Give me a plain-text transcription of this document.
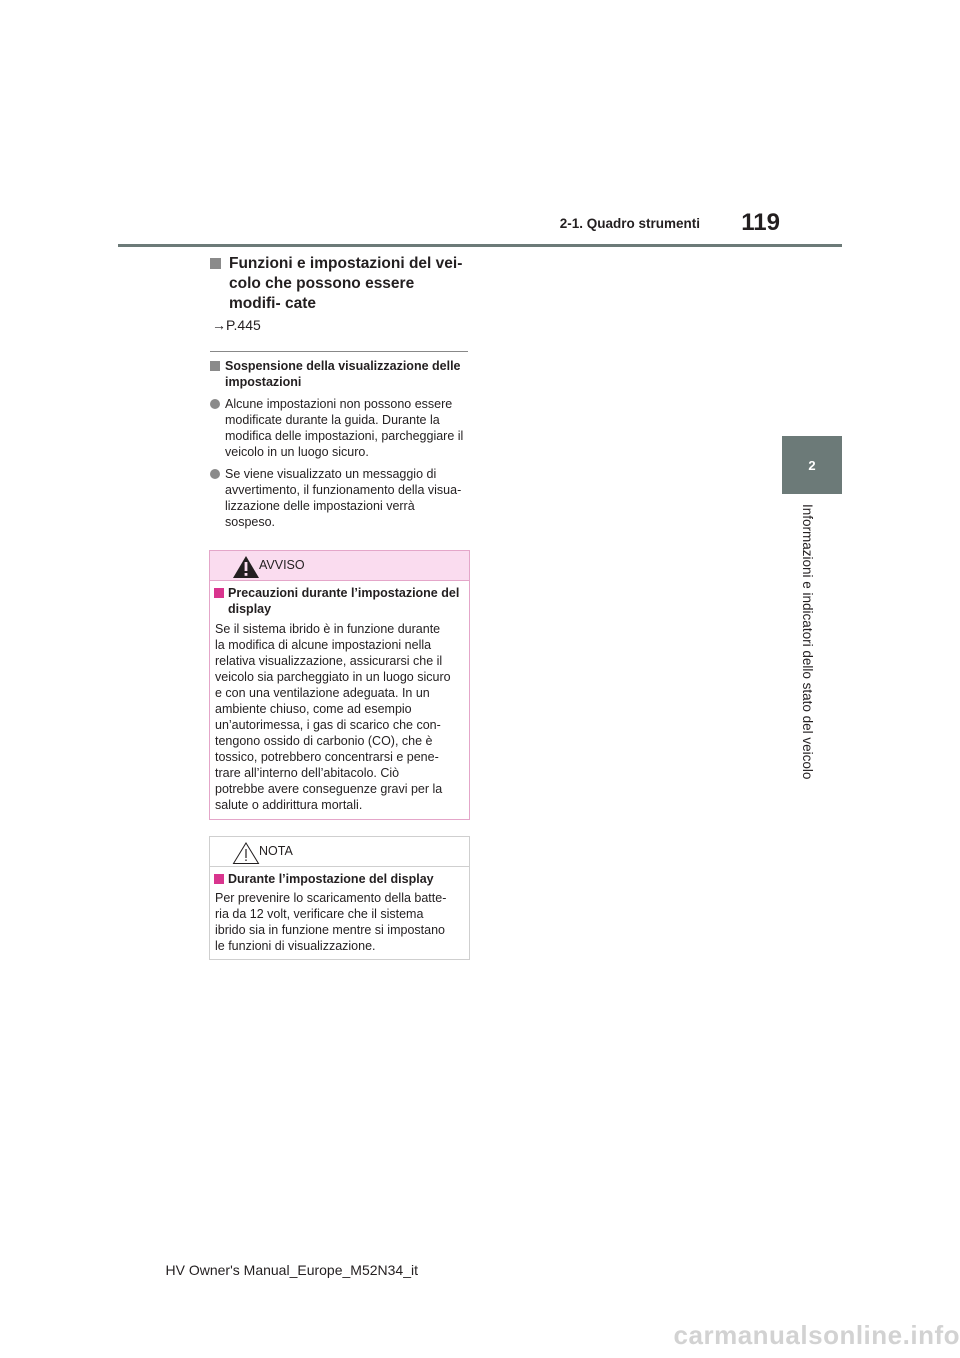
2-1. Quadro strumenti	119
2
Informazioni e indicatori dello stato del veicolo
Funzioni e impostazioni del vei- colo che possono essere modifi- cate
→P.445
Sospensione della visualizzazione delle impostazioni
Alcune impostazioni non possono essere
modificate durante la guida. Durante la
modifica delle impostazioni, parcheggiare il
veicolo in un luogo sicuro.
Se viene visualizzato un messaggio di
avvertimento, il funzionamento della visua-
lizzazione delle impostazioni verrà
sospeso.
AVVISO
Precauzioni durante l’impostazione del display
Se il sistema ibrido è in funzione durante
la modifica di alcune impostazioni nella
relativa visualizzazione, assicurarsi che il
veicolo sia parcheggiato in un luogo sicuro
e con una ventilazione adeguata. In un
ambiente chiuso, come ad esempio
un’autorimessa, i gas di scarico che con-
tengono ossido di carbonio (CO), che è
tossico, potrebbero concentrarsi e pene-
trare all’interno dell’abitacolo. Ciò
potrebbe avere conseguenze gravi per la
salute o addirittura mortali.
NOTA
Durante l’impostazione del display
Per prevenire lo scaricamento della batte-
ria da 12 volt, verificare che il sistema
ibrido sia in funzione mentre si impostano
le funzioni di visualizzazione.
HV Owner's Manual_Europe_M52N34_it
carmanualsonline.info
